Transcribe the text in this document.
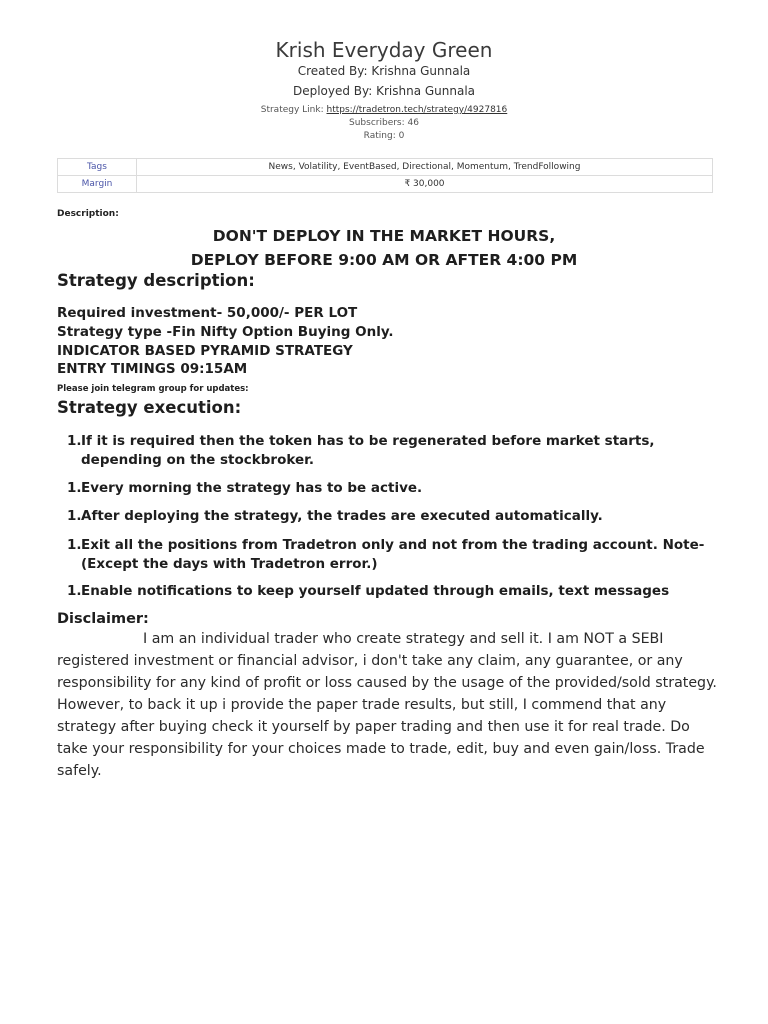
Krish Everyday Green
Created By: Krishna Gunnala
Deployed By: Krishna Gunnala
Strategy Link: https://tradetron.tech/strategy/4927816
Subscribers: 46
Rating: 0
Tags	News, Volatility, EventBased, Directional, Momentum, TrendFollowing
Margin	₹ 30,000
Description:
DON'T DEPLOY IN THE MARKET HOURS,
DEPLOY BEFORE 9:00 AM OR AFTER 4:00 PM
Strategy description:
Required investment- 50,000/- PER LOT
Strategy type -Fin Nifty Option Buying Only.
INDICATOR BASED PYRAMID STRATEGY
ENTRY TIMINGS 09:15AM
Please join telegram group for updates:
Strategy execution:
1. If it is required then the token has to be regenerated before market starts, depending on the stockbroker.
1. Every morning the strategy has to be active.
1. After deploying the strategy, the trades are executed automatically.
1. Exit all the positions from Tradetron only and not from the trading account. Note- (Except the days with Tradetron error.)
1. Enable notifications to keep yourself updated through emails, text messages
Disclaimer:
I am an individual trader who create strategy and sell it. I am NOT a SEBI registered investment or financial advisor, i don't take any claim, any guarantee, or any responsibility for any kind of profit or loss caused by the usage of the provided/sold strategy. However, to back it up i provide the paper trade results, but still, I commend that any strategy after buying check it yourself by paper trading and then use it for real trade. Do take your responsibility for your choices made to trade, edit, buy and even gain/loss. Trade safely.
